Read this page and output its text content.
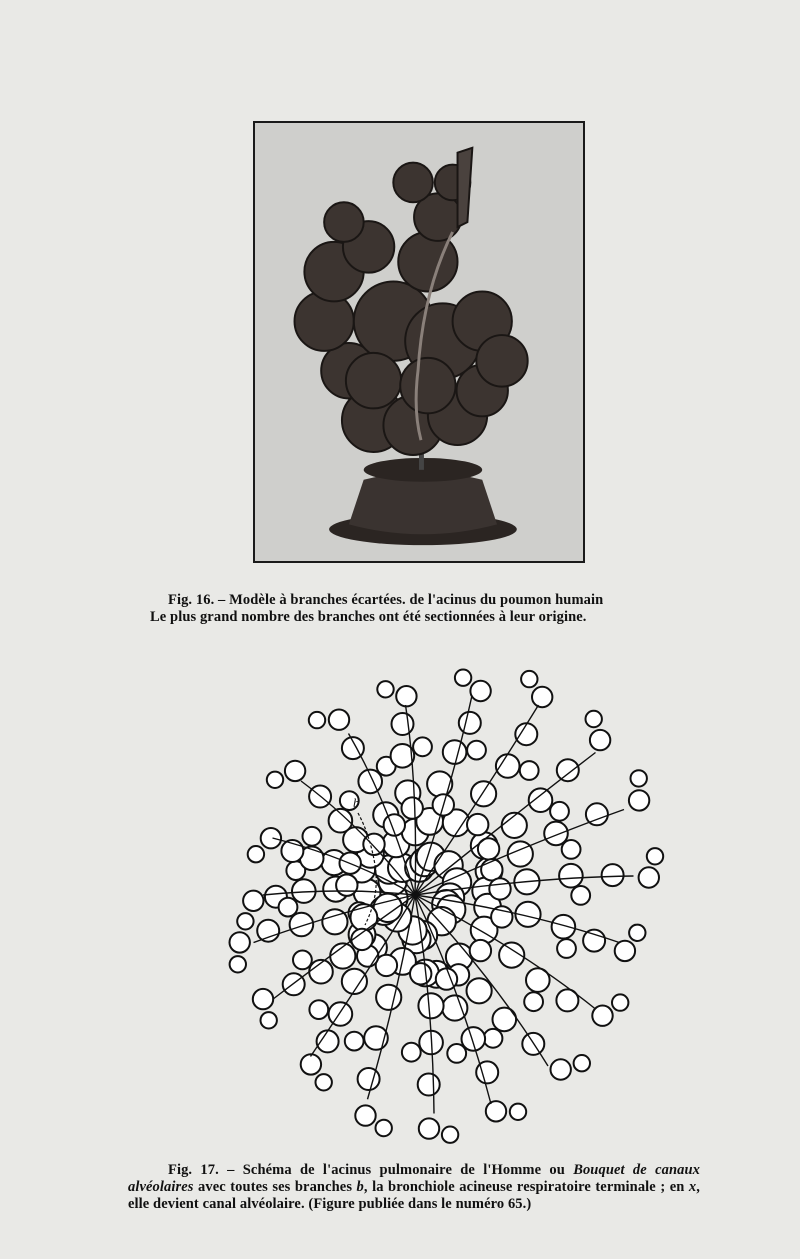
Fig. 16. – Modèle à branches écartées. de l'acinus du poumon humain
Le plus grand nombre des branches ont été sectionnées à leur origine.
b
Fig. 17. – Schéma de l'acinus pulmonaire de l'Homme ou Bouquet de canaux alvéolaires avec toutes ses branches b, la bronchiole acineuse respiratoire terminale ; en x, elle devient canal alvéolaire. (Figure publiée dans le numéro 65.)
